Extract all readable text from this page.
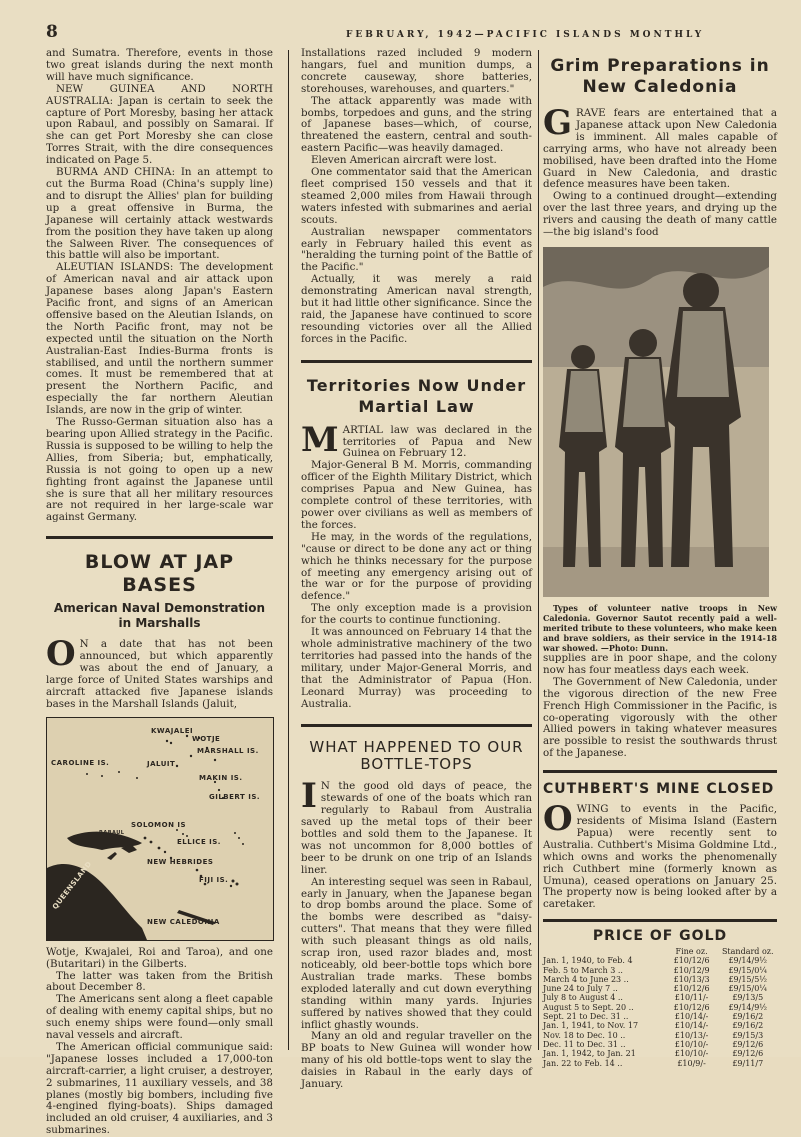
8	FEBRUARY, 1942—PACIFIC ISLANDS MONTHLY

and Sumatra. Therefore, events in those two great islands during the next month will have much significance.

NEW GUINEA AND NORTH AUSTRALIA: Japan is certain to seek the capture of Port Moresby, basing her attack upon Rabaul, and possibly on Samarai. If she can get Port Moresby she can close Torres Strait, with the dire consequences indicated on Page 5.

BURMA AND CHINA: In an attempt to cut the Burma Road (China's supply line) and to disrupt the Allies' plan for building up a great offensive in Burma, the Japanese will certainly attack westwards from the position they have taken up along the Salween River. The consequences of this battle will also be important.

ALEUTIAN ISLANDS: The development of American naval and air attack upon Japanese bases along Japan's Eastern Pacific front, and signs of an American offensive based on the Aleutian Islands, on the North Pacific front, may not be expected until the situation on the North Australian-East Indies-Burma fronts is stabilised, and until the northern summer comes. It must be remembered that at present the Northern Pacific, and especially the far northern Aleutian Islands, are now in the grip of winter.

The Russo-German situation also has a bearing upon Allied strategy in the Pacific. Russia is supposed to be willing to help the Allies, from Siberia; but, emphatically, Russia is not going to open up a new fighting front against the Japanese until she is sure that all her military resources are not required in her large-scale war against Germany.

BLOW AT JAP BASES
American Naval Demonstration in Marshalls

O N a date that has not been announced, but which apparently was about the end of January, a large force of United States warships and aircraft attacked five Japanese islands bases in the Marshall Islands (Jaluit,

KWAJALEI
WOTJE
MARSHALL IS.
CAROLINE IS.	JALUIT
MAKIN IS.
GILBERT IS.
SOLOMON IS
RABAUL
ELLICE IS.
NEW HEBRIDES
FIJI IS.
QUEENSLAND
NEW CALEDONIA

Wotje, Kwajalei, Roi and Taroa), and one (Butaritari) in the Gilberts.

The latter was taken from the British about December 8.

The Americans sent along a fleet capable of dealing with enemy capital ships, but no such enemy ships were found—only small naval vessels and aircraft.

The American official communique said: "Japanese losses included a 17,000-ton aircraft-carrier, a light cruiser, a destroyer, 2 submarines, 11 auxiliary vessels, and 38 planes (mostly big bombers, including five 4-engined flying-boats). Ships damaged included an old cruiser, 4 auxiliaries, and 3 submarines.

Installations razed included 9 modern hangars, fuel and munition dumps, a concrete causeway, shore batteries, storehouses, warehouses, and quarters."

The attack apparently was made with bombs, torpedoes and guns, and the string of Japanese bases—which, of course, threatened the eastern, central and south-eastern Pacific—was heavily damaged.

Eleven American aircraft were lost.

One commentator said that the American fleet comprised 150 vessels and that it steamed 2,000 miles from Hawaii through waters infested with submarines and aerial scouts.

Australian newspaper commentators early in February hailed this event as "heralding the turning point of the Battle of the Pacific."

Actually, it was merely a raid demonstrating American naval strength, but it had little other significance. Since the raid, the Japanese have continued to score resounding victories over all the Allied forces in the Pacific.

Territories Now Under Martial Law

MARTIAL law was declared in the territories of Papua and New Guinea on February 12.

Major-General B M. Morris, commanding officer of the Eighth Military District, which comprises Papua and New Guinea, has complete control of these territories, with power over civilians as well as members of the forces.

He may, in the words of the regulations, "cause or direct to be done any act or thing which he thinks necessary for the purpose of meeting any emergency arising out of the war or for the purpose of providing defence."

The only exception made is a provision for the courts to continue functioning.

It was announced on February 14 that the whole administrative machinery of the two territories had passed into the hands of the military, under Major-General Morris, and that the Administrator of Papua (Hon. Leonard Murray) was proceeding to Australia.

WHAT HAPPENED TO OUR BOTTLE-TOPS

I N the good old days of peace, the stewards of one of the boats which ran regularly to Rabaul from Australia saved up the metal tops of their beer bottles and sold them to the Japanese. It was not uncommon for 8,000 bottles of beer to be drunk on one trip of an Islands liner.

An interesting sequel was seen in Rabaul, early in January, when the Japanese began to drop bombs around the place. Some of the bombs were described as "daisy-cutters". That means that they were filled with such pleasant things as old nails, scrap iron, used razor blades and, most noticeably, old beer-bottle tops which bore Australian trade marks. These bombs exploded laterally and cut down everything standing within many yards. Injuries suffered by natives showed that they could inflict ghastly wounds.

Many an old and regular traveller on the BP boats to New Guinea will wonder how many of his old bottle-tops went to slay the daisies in Rabaul in the early days of January.

Grim Preparations in New Caledonia

GRAVE fears are entertained that a Japanese attack upon New Caledonia is imminent. All males capable of carrying arms, who have not already been mobilised, have been drafted into the Home Guard in New Caledonia, and drastic defence measures have been taken.

Owing to a continued drought—extending over the last three years, and drying up the rivers and causing the death of many cattle—the big island's food

Types of volunteer native troops in New Caledonia. Governor Sautot recently paid a well-merited tribute to these volunteers, who make keen and brave soldiers, as their service in the 1914-18 war showed. —Photo: Dunn.

supplies are in poor shape, and the colony now has four meatless days each week.

The Government of New Caledonia, under the vigorous direction of the new Free French High Commissioner in the Pacific, is co-operating vigorously with the other Allied powers in taking whatever measures are possible to resist the southwards thrust of the Japanese.

CUTHBERT'S MINE CLOSED

OWING to events in the Pacific, residents of Misima Island (Eastern Papua) were recently sent to Australia. Cuthbert's Misima Goldmine Ltd., which owns and works the phenomenally rich Cuthbert mine (formerly known as Umuna), ceased operations on January 25. The property now is being looked after by a caretaker.

PRICE OF GOLD
	Fine oz.	Standard oz.
Jan. 1, 1940, to Feb. 4	£10/12/6	£9/14/9½
Feb. 5 to March 3 ..	£10/12/9	£9/15/0¼
March 4 to June 23 ..	£10/13/3	£9/15/5½
June 24 to July 7 ..	£10/12/6	£9/15/0¼
July 8 to August 4 ..	£10/11/-	£9/13/5
August 5 to Sept. 20 ..	£10/12/6	£9/14/9½
Sept. 21 to Dec. 31 ..	£10/14/-	£9/16/2
Jan. 1, 1941, to Nov. 17	£10/14/-	£9/16/2
Nov. 18 to Dec. 10 ..	£10/13/-	£9/15/3
Dec. 11 to Dec. 31 ..	£10/10/-	£9/12/6
Jan. 1, 1942, to Jan. 21	£10/10/-	£9/12/6
Jan. 22 to Feb. 14 ..	£10/9/-	£9/11/7
